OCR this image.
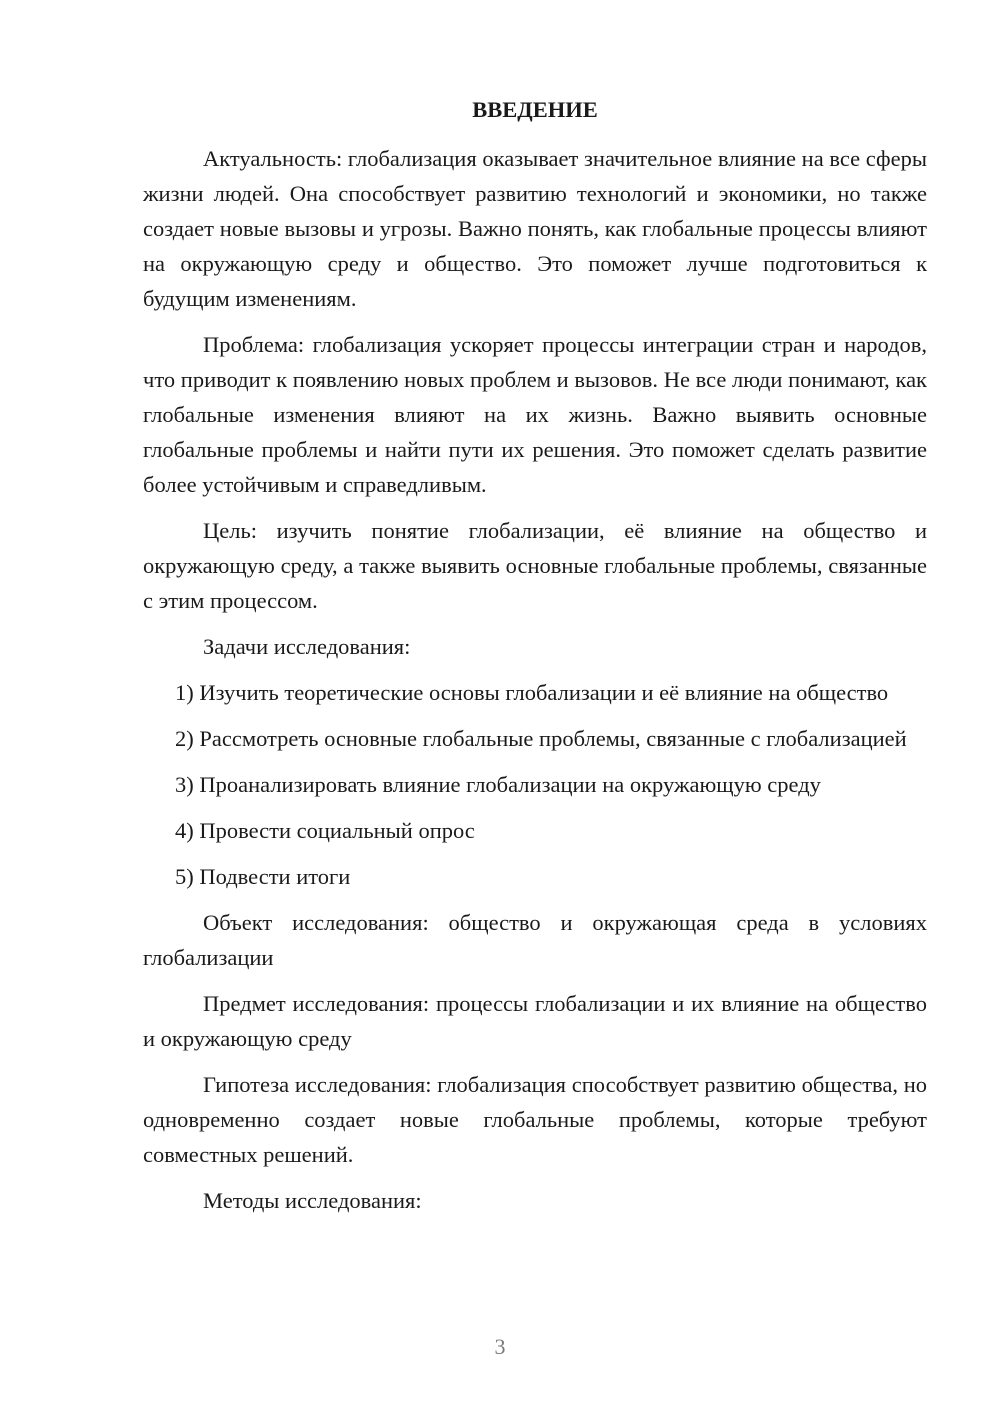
ВВЕДЕНИЕ

Актуальность: глобализация оказывает значительное влияние на все сферы жизни людей. Она способствует развитию технологий и экономики, но также создает новые вызовы и угрозы. Важно понять, как глобальные процессы влияют на окружающую среду и общество. Это поможет лучше подготовиться к будущим изменениям.

Проблема: глобализация ускоряет процессы интеграции стран и народов, что приводит к появлению новых проблем и вызовов. Не все люди понимают, как глобальные изменения влияют на их жизнь. Важно выявить основные глобальные проблемы и найти пути их решения. Это поможет сделать развитие более устойчивым и справедливым.

Цель: изучить понятие глобализации, её влияние на общество и окружающую среду, а также выявить основные глобальные проблемы, связанные с этим процессом.

Задачи исследования:

1) Изучить теоретические основы глобализации и её влияние на общество

2) Рассмотреть основные глобальные проблемы, связанные с глобализацией

3) Проанализировать влияние глобализации на окружающую среду

4) Провести социальный опрос

5) Подвести итоги

Объект исследования: общество и окружающая среда в условиях глобализации

Предмет исследования: процессы глобализации и их влияние на общество и окружающую среду

Гипотеза исследования: глобализация способствует развитию общества, но одновременно создает новые глобальные проблемы, которые требуют совместных решений.

Методы исследования:

3
